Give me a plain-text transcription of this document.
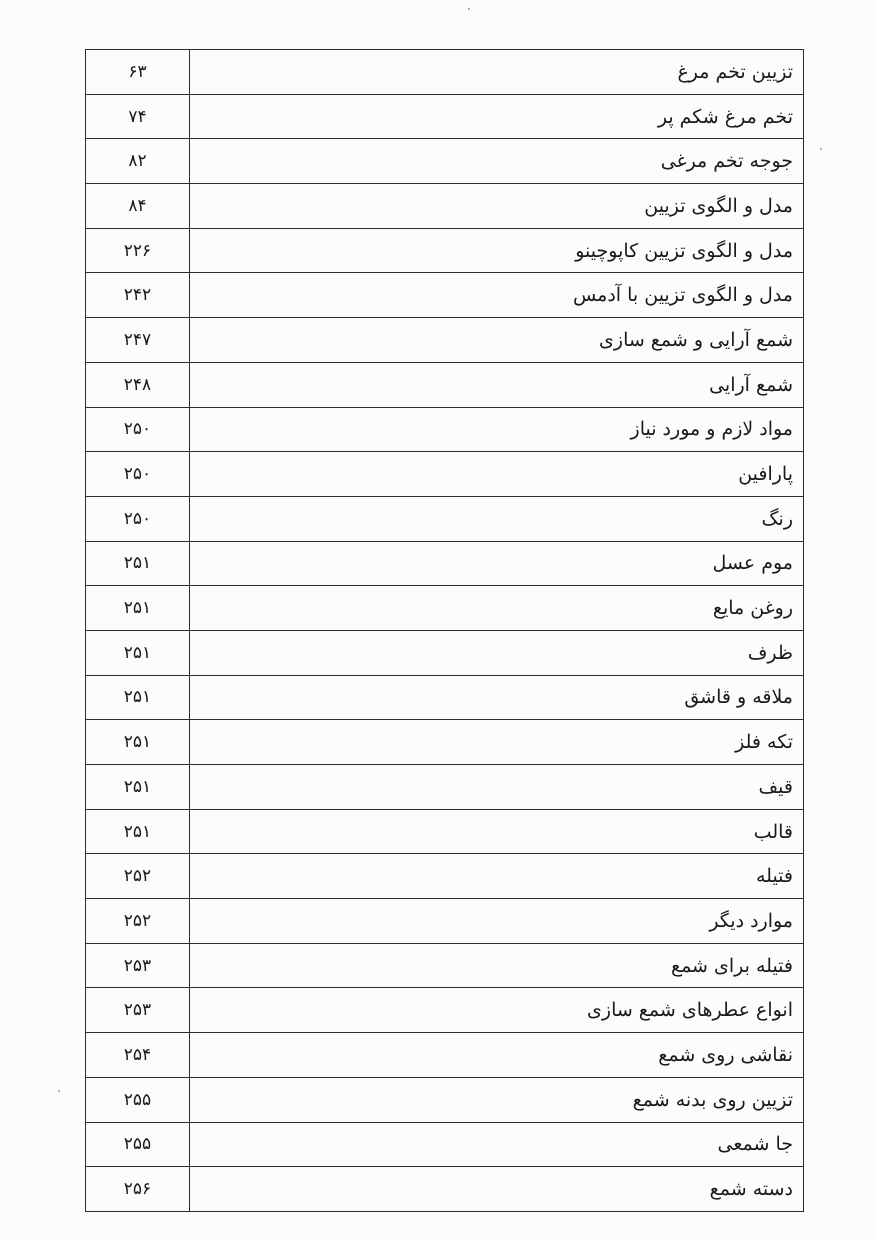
تزیین تخم مرغ	۶۳
تخم مرغ شکم پر	۷۴
جوجه تخم مرغی	۸۲
مدل و الگوی تزیین	۸۴
مدل و الگوی تزیین کاپوچینو	۲۲۶
مدل و الگوی تزیین با آدمس	۲۴۲
شمع آرایی و شمع سازی	۲۴۷
شمع آرایی	۲۴۸
مواد لازم و مورد نیاز	۲۵۰
پارافین	۲۵۰
رنگ	۲۵۰
موم عسل	۲۵۱
روغن مایع	۲۵۱
ظرف	۲۵۱
ملاقه و قاشق	۲۵۱
تکه فلز	۲۵۱
قیف	۲۵۱
قالب	۲۵۱
فتیله	۲۵۲
موارد دیگر	۲۵۲
فتیله برای شمع	۲۵۳
انواع عطرهای شمع سازی	۲۵۳
نقاشی روی شمع	۲۵۴
تزیین روی بدنه شمع	۲۵۵
جا شمعی	۲۵۵
دسته شمع	۲۵۶
